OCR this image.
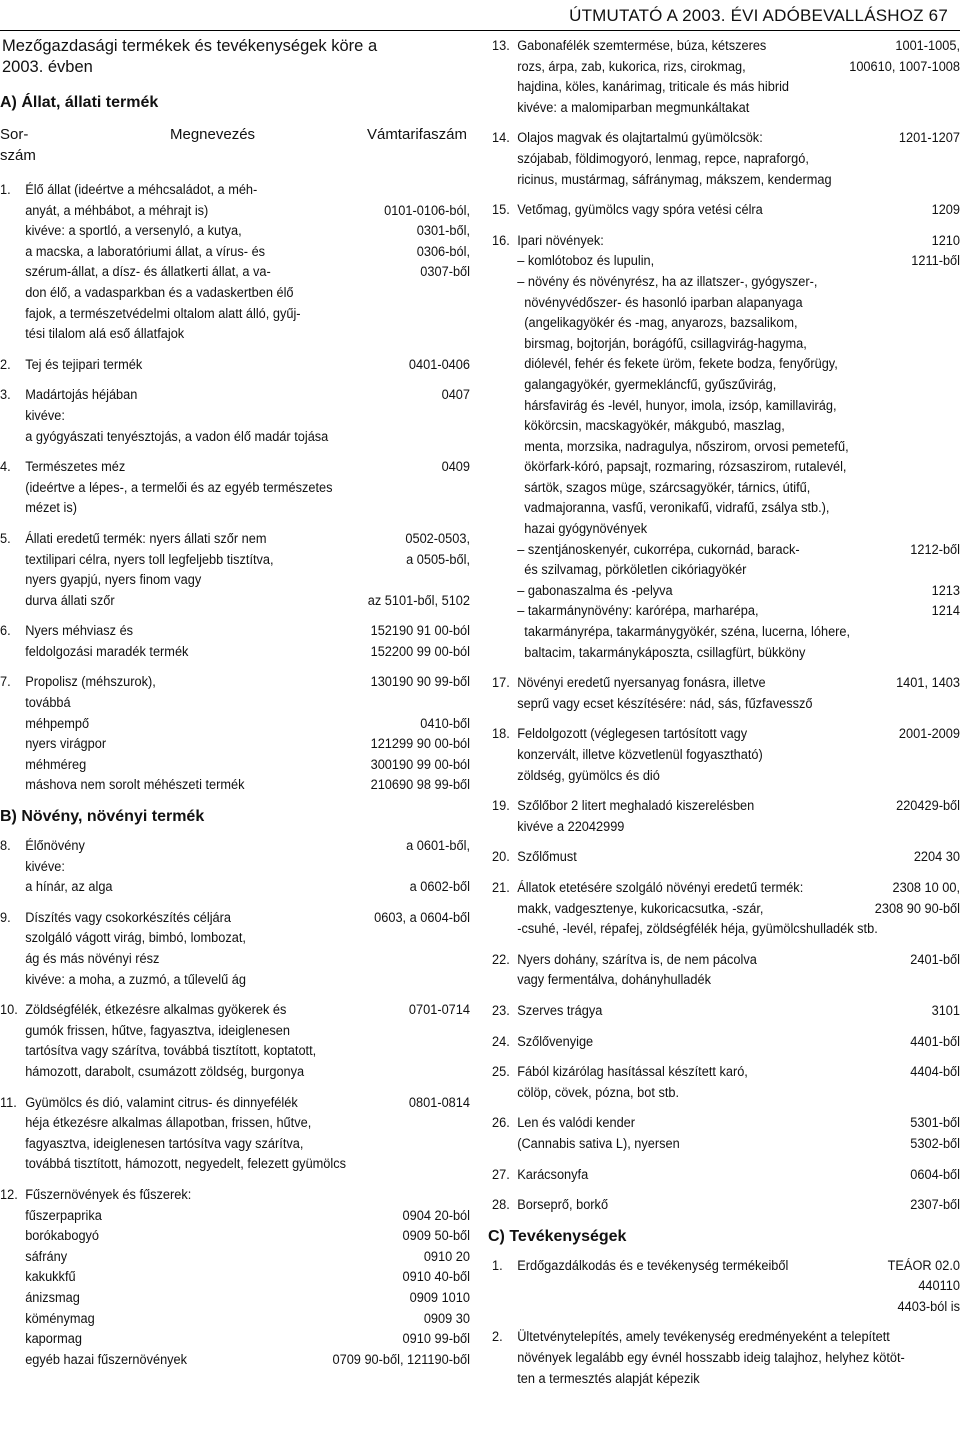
ÚTMUTATÓ A 2003. ÉVI ADÓBEVALLÁSHOZ 67
Mezőgazdasági termékek és tevékenységek köre a
2003. évben
A) Állat, állati termék
Sor-
szám
Megnevezés	Vámtarifaszám
1.	Élő állat (ideértve a méhcsaládot, a méh-
anyát, a méhbábot, a méhrajt is)	0101-0106-ból,
kivéve: a sportló, a versenyló, a kutya,	0301-ből,
a macska, a laboratóriumi állat, a vírus- és	0306-ból,
szérum-állat, a dísz- és állatkerti állat, a va-	0307-ből
don élő, a vadasparkban és a vadaskertben élő
fajok, a természetvédelmi oltalom alatt álló, gyűj-
tési tilalom alá eső állatfajok
2.	Tej és tejipari termék	0401-0406
3.	Madártojás héjában	0407
kivéve:
a gyógyászati tenyésztojás, a vadon élő madár tojása
4.	Természetes méz	0409
(ideértve a lépes-, a termelői és az egyéb természetes
mézet is)
5.	Állati eredetű termék: nyers állati szőr nem	0502-0503,
textilipari célra, nyers toll legfeljebb tisztítva,	a 0505-ből,
nyers gyapjú, nyers finom vagy
durva állati szőr	az 5101-ből, 5102
6.	Nyers méhviasz és	152190 91 00-ból
feldolgozási maradék termék	152200 99 00-ból
7.	Propolisz (méhszurok),	130190 90 99-ből
továbbá
méhpempő	0410-ből
nyers virágpor	121299 90 00-ból
méhméreg	300190 99 00-ból
máshova nem sorolt méhészeti termék	210690 98 99-ből
B) Növény, növényi termék
8.	Élőnövény	a 0601-ből,
kivéve:
a hínár, az alga	a 0602-ből
9.	Díszítés vagy csokorkészítés céljára	0603, a 0604-ből
szolgáló vágott virág, bimbó, lombozat,
ág és más növényi rész
kivéve: a moha, a zuzmó, a tűlevelű ág
10. Zöldségfélék, étkezésre alkalmas gyökerek és	0701-0714
gumók frissen, hűtve, fagyasztva, ideiglenesen
tartósítva vagy szárítva, továbbá tisztított, koptatott,
hámozott, darabolt, csumázott zöldség, burgonya
11. Gyümölcs és dió, valamint citrus- és dinnyefélék	0801-0814
héja étkezésre alkalmas állapotban, frissen, hűtve,
fagyasztva, ideiglenesen tartósítva vagy szárítva,
továbbá tisztított, hámozott, negyedelt, felezett gyümölcs
12. Fűszernövények és fűszerek:
fűszerpaprika	0904 20-ból
borókabogyó	0909 50-ből
sáfrány	0910 20
kakukkfű	0910 40-ből
ánizsmag	0909 1010
köménymag	0909 30
kapormag	0910 99-ből
egyéb hazai fűszernövények	0709 90-ből, 121190-ből
13. Gabonafélék szemtermése, búza, kétszeres	1001-1005,
rozs, árpa, zab, kukorica, rizs, cirokmag,	100610, 1007-1008
hajdina, köles, kanárimag, triticale és más hibrid
kivéve: a malomiparban megmunkáltakat
14. Olajos magvak és olajtartalmú gyümölcsök:	1201-1207
szójabab, földimogyoró, lenmag, repce, napraforgó,
ricinus, mustármag, sáfránymag, mákszem, kendermag
15. Vetőmag, gyümölcs vagy spóra vetési célra	1209
16. Ipari növények:	1210
– komlótoboz és lupulin,	1211-ből
– növény és növényrész, ha az illatszer-, gyógyszer-,
növényvédőszer- és hasonló iparban alapanyaga
(angelikagyökér és -mag, anyarozs, bazsalikom,
birsmag, bojtorján, borágófű, csillagvirág-hagyma,
diólevél, fehér és fekete üröm, fekete bodza, fenyőrügy,
galangagyökér, gyermekláncfű, gyűszűvirág,
hársfavirág és -levél, hunyor, imola, izsóp, kamillavirág,
kökörcsin, macskagyökér, mákgubó, maszlag,
menta, morzsika, nadragulya, nőszirom, orvosi pemetefű,
ökörfark-kóró, papsajt, rozmaring, rózsaszirom, rutalevél,
sártök, szagos müge, szárcsagyökér, tárnics, útifű,
vadmajoranna, vasfű, veronikafű, vidrafű, zsálya stb.),
hazai gyógynövények
– szentjánoskenyér, cukorrépa, cukornád, barack-	1212-ből
és szilvamag, pörköletlen cikóriagyökér
– gabonaszalma és -pelyva	1213
– takarmánynövény: karórépa, marharépa,	1214
takarmányrépa, takarmánygyökér, széna, lucerna, lóhere,
baltacim, takarmánykáposzta, csillagfürt, bükköny
17. Növényi eredetű nyersanyag fonásra, illetve	1401, 1403
seprű vagy ecset készítésére: nád, sás, fűzfavessző
18. Feldolgozott (véglegesen tartósított vagy	2001-2009
konzervált, illetve közvetlenül fogyasztható)
zöldség, gyümölcs és dió
19. Szőlőbor 2 litert meghaladó kiszerelésben	220429-ből
kivéve a 22042999
20. Szőlőmust	2204 30
21. Állatok etetésére szolgáló növényi eredetű termék:	2308 10 00,
makk, vadgesztenye, kukoricacsutka, -szár,	2308 90 90-ből
-csuhé, -levél, répafej, zöldségfélék héja, gyümölcshulladék stb.
22. Nyers dohány, szárítva is, de nem pácolva	2401-ből
vagy fermentálva, dohányhulladék
23. Szerves trágya	3101
24. Szőlővenyige	4401-ből
25. Fából kizárólag hasítással készített karó,	4404-ből
cölöp, cövek, pózna, bot stb.
26. Len és valódi kender	5301-ből
(Cannabis sativa L), nyersen	5302-ből
27. Karácsonyfa	0604-ből
28. Borseprő, borkő	2307-ből
C) Tevékenységek
1.	Erdőgazdálkodás és e tevékenység termékeiből	TEÁOR 02.0
440110
4403-ból is
2.	Ültetvénytelepítés, amely tevékenység eredményeként a telepített
növények legalább egy évnél hosszabb ideig talajhoz, helyhez kötöt-
ten a termesztés alapját képezik
